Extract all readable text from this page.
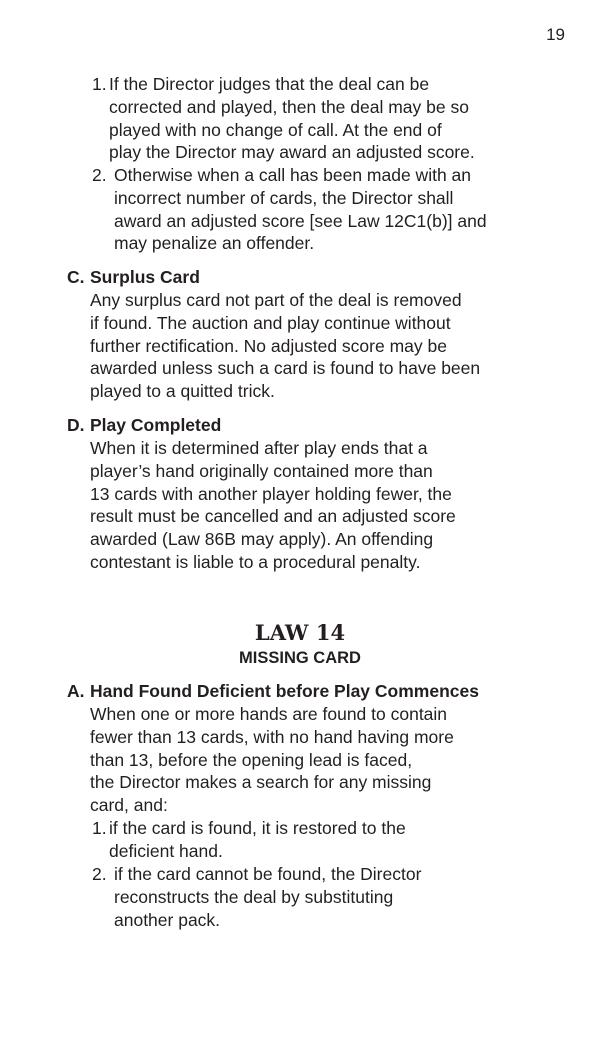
19
1. If the Director judges that the deal can be
corrected and played, then the deal may be so
played with no change of call. At the end of
play the Director may award an adjusted score.
2. Otherwise when a call has been made with an
incorrect number of cards, the Director shall
award an adjusted score [see Law 12C1(b)] and
may penalize an offender.
C. Surplus Card
Any surplus card not part of the deal is removed
if found. The auction and play continue without
further rectification. No adjusted score may be
awarded unless such a card is found to have been
played to a quitted trick.
D. Play Completed
When it is determined after play ends that a
player’s hand originally contained more than
13 cards with another player holding fewer, the
result must be cancelled and an adjusted score
awarded (Law 86B may apply). An offending
contestant is liable to a procedural penalty.
LAW 14
MISSING CARD
A. Hand Found Deficient before Play Commences
When one or more hands are found to contain
fewer than 13 cards, with no hand having more
than 13, before the opening lead is faced,
the Director makes a search for any missing
card, and:
1. if the card is found, it is restored to the
deficient hand.
2. if the card cannot be found, the Director
reconstructs the deal by substituting
another pack.
